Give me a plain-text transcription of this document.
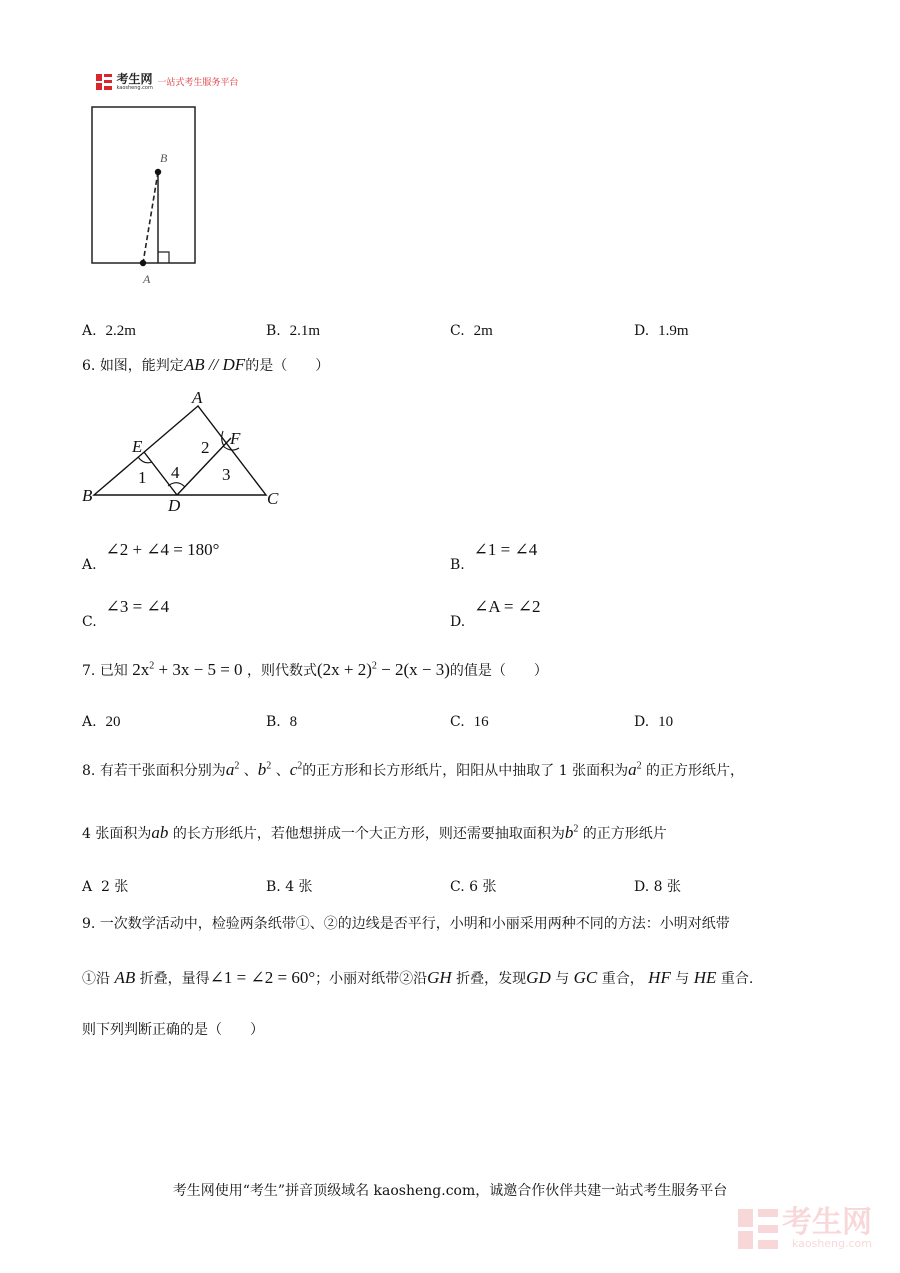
考生网
kaosheng.com 一站式考生服务平台
B
A
A. 2.2m	B. 2.1m	C. 2m	D. 1.9m
6. 如图，能判定AB // DF的是（　　）
A
E	F
B
D	C
1 4
2
3
A.  ∠2 + ∠4 = 180°
B.  ∠1 = ∠4
C.  ∠3 = ∠4
D.  ∠A = ∠2
7. 已知 $2x^2 + 3x - 5 = 0$ ，则代数式$(2x + 2)^2 - 2(x - 3)$的值是（　　）
A. 20	B. 8	C. 16	D. 10
8. 有若干张面积分别为$a^2$ 、$b^2$ 、$c^2$的正方形和长方形纸片，阳阳从中抽取了 1 张面积为$a^2$ 的正方形纸片，
4 张面积为ab 的长方形纸片，若他想拼成一个大正方形，则还需要抽取面积为$b^2$ 的正方形纸片
A 2 张	B. 4 张	C. 6 张	D. 8 张
9. 一次数学活动中，检验两条纸带①、②的边线是否平行，小明和小丽采用两种不同的方法：小明对纸带
①沿 AB 折叠，量得∠1 = ∠2 = 60°；小丽对纸带②沿GH 折叠，发现GD 与 GC 重合， HF 与 HE 重合.
则下列判断正确的是（　　）
考生网使用“考生”拼音顶级域名 kaosheng.com，诚邀合作伙伴共建一站式考生服务平台
考生网
kaosheng.com
